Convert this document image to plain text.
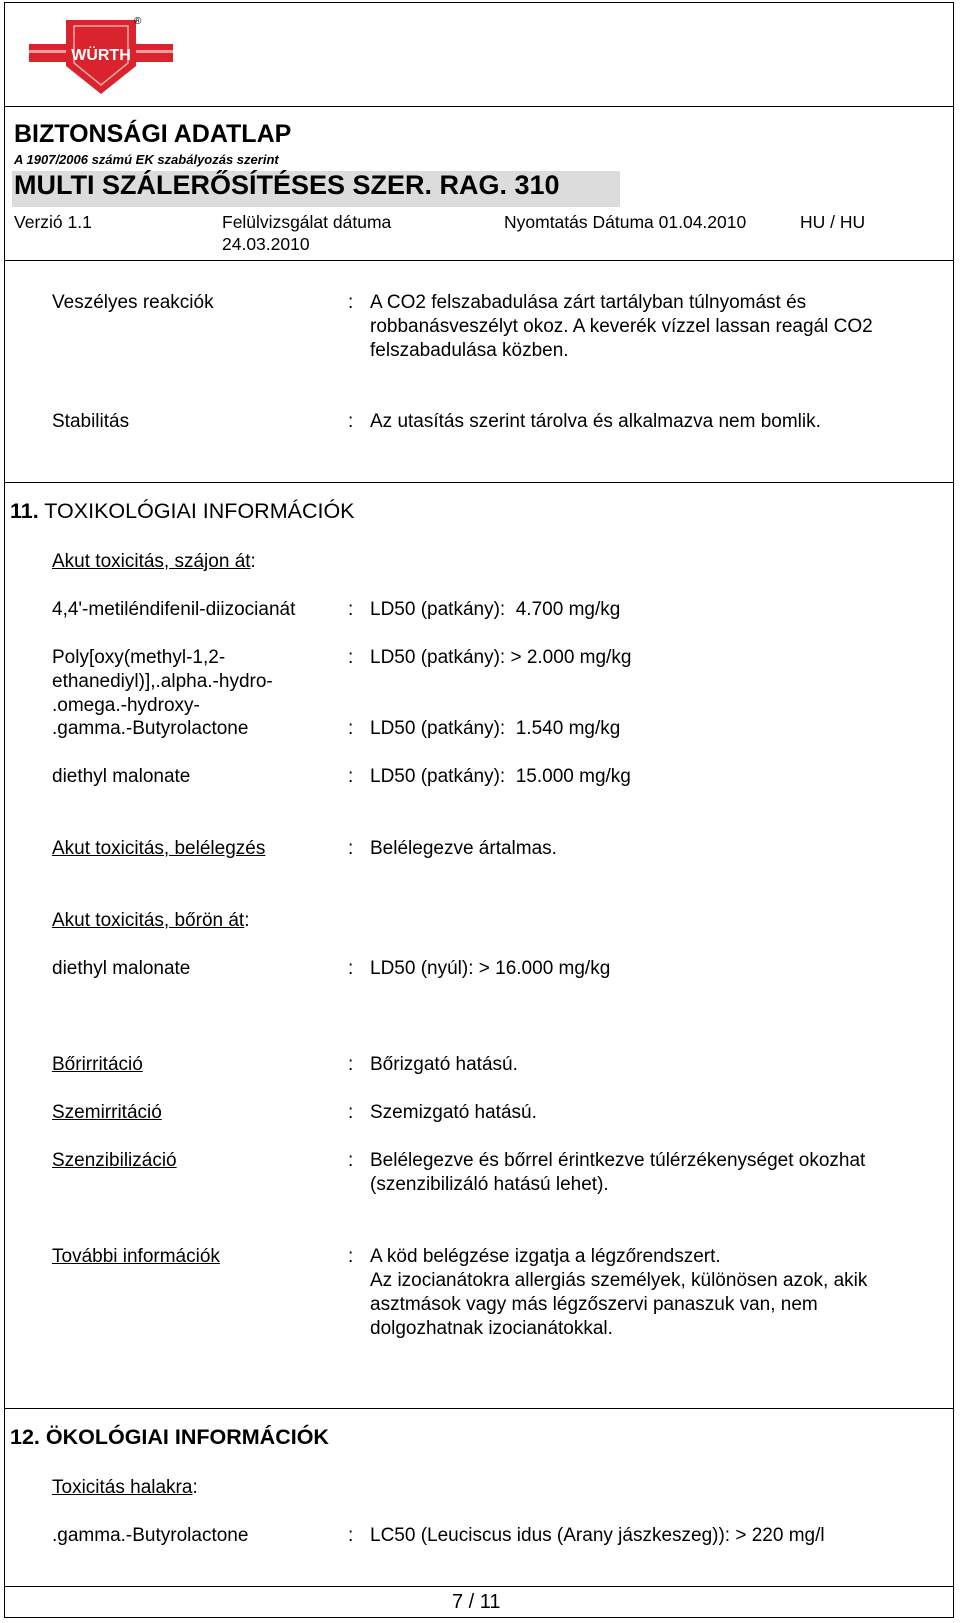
WÜRTH
®
BIZTONSÁGI ADATLAP
A 1907/2006 számú EK szabályozás szerint
MULTI SZÁLERŐSÍTÉSES SZER. RAG. 310
Verzió 1.1	Felülvizsgálat dátuma
24.03.2010
Nyomtatás Dátuma 01.04.2010	HU / HU
Veszélyes reakciók	: A CO2 felszabadulása zárt tartályban túlnyomást és
robbanásveszélyt okoz. A keverék vízzel lassan reagál CO2
felszabadulása közben.
Stabilitás	: Az utasítás szerint tárolva és alkalmazva nem bomlik.
11. TOXIKOLÓGIAI INFORMÁCIÓK
Akut toxicitás, szájon át:
4,4'-metiléndifenil-diizocianát	: LD50 (patkány):  4.700 mg/kg
Poly[oxy(methyl-1,2-
ethanediyl)],.alpha.-hydro-
.omega.-hydroxy-
: LD50 (patkány): > 2.000 mg/kg
.gamma.-Butyrolactone	: LD50 (patkány):  1.540 mg/kg
diethyl malonate	: LD50 (patkány):  15.000 mg/kg
Akut toxicitás, belélegzés	: Belélegezve ártalmas.
Akut toxicitás, bőrön át:
diethyl malonate	: LD50 (nyúl): > 16.000 mg/kg
Bőrirritáció	: Bőrizgató hatású.
Szemirritáció	: Szemizgató hatású.
Szenzibilizáció	: Belélegezve és bőrrel érintkezve túlérzékenységet okozhat
(szenzibilizáló hatású lehet).
További információk	: A köd belégzése izgatja a légzőrendszert.
Az izocianátokra allergiás személyek, különösen azok, akik
asztmások vagy más légzőszervi panaszuk van, nem
dolgozhatnak izocianátokkal.
12. ÖKOLÓGIAI INFORMÁCIÓK
Toxicitás halakra:
.gamma.-Butyrolactone	: LC50 (Leuciscus idus (Arany jászkeszeg)): > 220 mg/l
7 / 11
